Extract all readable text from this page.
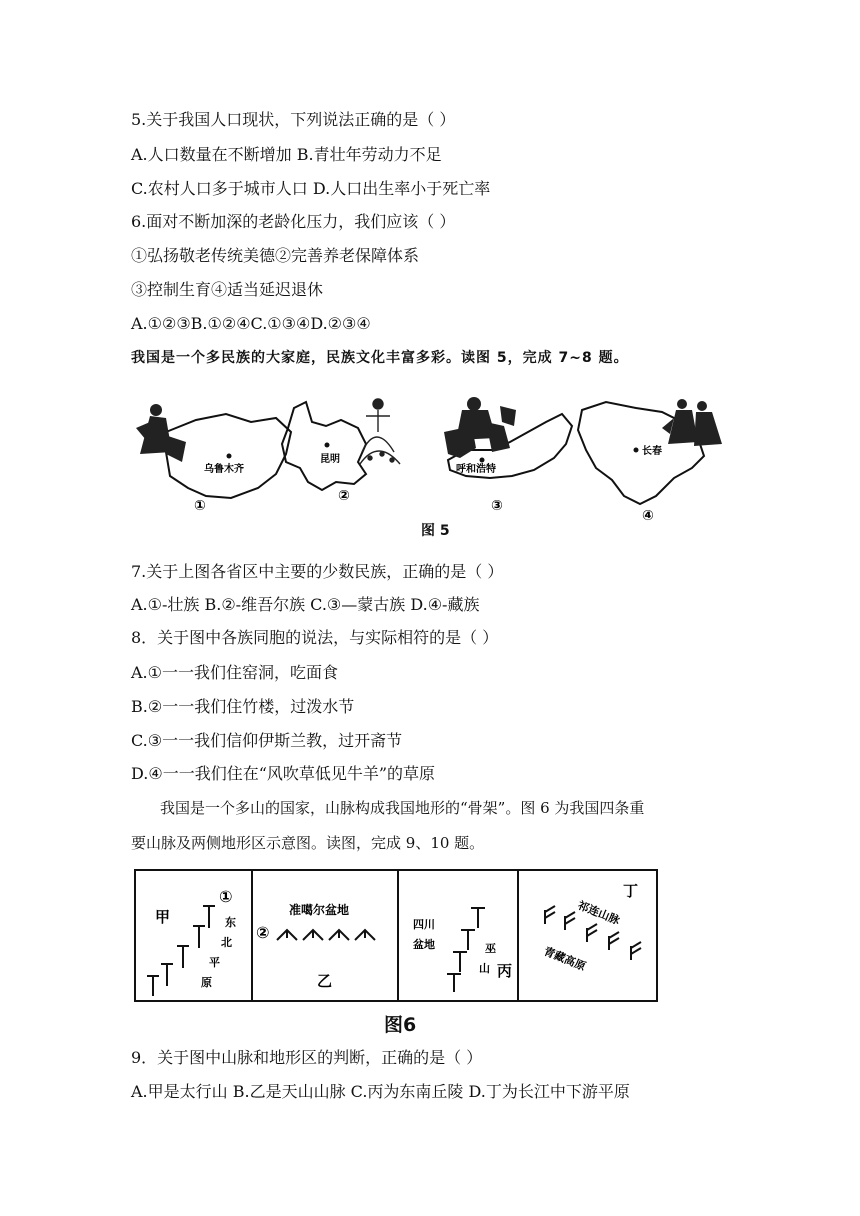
5.关于我国人口现状，下列说法正确的是（ ）
A.人口数量在不断增加 B.青壮年劳动力不足
C.农村人口多于城市人口 D.人口出生率小于死亡率
6.面对不断加深的老龄化压力，我们应该（ ）
①弘扬敬老传统美德②完善养老保障体系
③控制生育④适当延迟退休
A.①②③B.①②④C.①③④D.②③④
我国是一个多民族的大家庭，民族文化丰富多彩。读图 5，完成 7~8 题。
乌鲁木齐
①
昆明
②
呼和浩特
③
长春
④
图 5
7.关于上图各省区中主要的少数民族，正确的是（ ）
A.①-壮族 B.②-维吾尔族 C.③—蒙古族 D.④-藏族
8．关于图中各族同胞的说法，与实际相符的是（ ）
A.①一一我们住窑洞，吃面食
B.②一一我们住竹楼，过泼水节
C.③一一我们信仰伊斯兰教，过开斋节
D.④一一我们住在“风吹草低见牛羊”的草原
我国是一个多山的国家，山脉构成我国地形的“骨架”。图 6 为我国四条重
要山脉及两侧地形区示意图。读图，完成 9、10 题。
甲
①
东
北
平
原
准噶尔盆地
②
乙
四川
盆地	巫
山 丙
丁
祁连山脉
青藏高原
图6
9．关于图中山脉和地形区的判断，正确的是（ ）
A.甲是太行山 B.乙是天山山脉 C.丙为东南丘陵 D.丁为长江中下游平原
